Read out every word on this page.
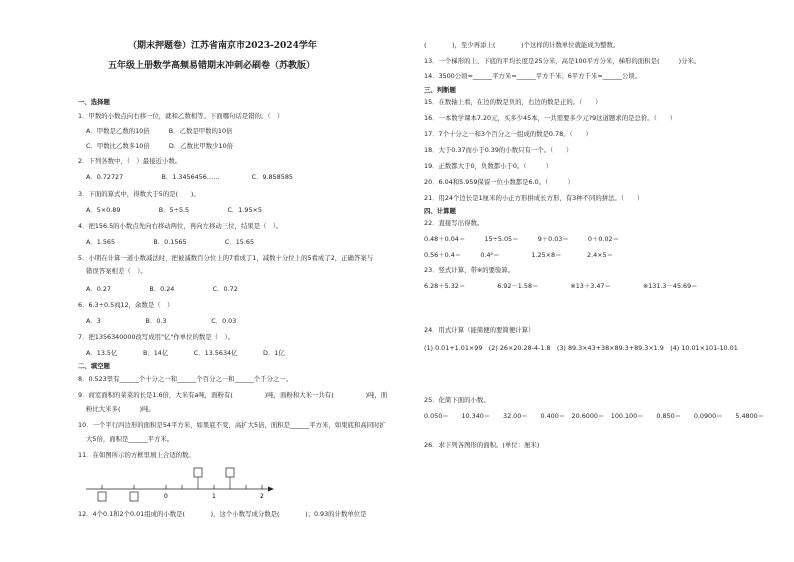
（期末押题卷）江苏省南京市2023-2024学年
五年级上册数学高频易错期末冲刺必刷卷（苏教版）
一、选择题
1．甲数的小数点向右移一位，就和乙数相等。下面哪句话是错的。（　）
A．甲数是乙数的10倍　　　B．乙数是甲数的10倍
C．甲数比乙数多10倍　　　D．乙数比甲数少10倍
2．下列各数中，（　）最接近小数。
A．0.72727　　　　　　B．1.3456456……　　　　　C．9.858585
3．下面的算式中，得数大于5的是(　　)。
A．5×0.89　　　　　　B．5÷5.5　　　　　　C．1.95×5
4．把156.5的小数点先向右移动两位，再向左移动三位，结果是（　）。
A．1.565　　　　　　B．0.1565　　　　　　C．15.65
5．小明在计算一道小数减法时，把被减数百分位上的7看成了1，减数十分位上的5看成了2，正确答案与
错误答案相差（　）。
A．0.27　　　　　　B．0.24　　　　　　C．0.72
6．6.3÷0.5商12，余数是（　）
A．3　　　　　　　B．0.3　　　　　　　C．0.03
7．把1356340000改写成用"亿"作单位的数是（　）。
A．13.5亿　　　　B．14亿　　　　C．13.5634亿　　　　D．1亿
二、填空题
8．0.523里有______个十分之一和______个百分之一和______个千分之一。
9．商室面积的菜菜的长是1.6倍，大米有a吨，面粉有(　　　　　)吨，面粉和大米一共有(　　　　　)吨，面
粉比大米多(　　　)吨。
10．一个平行四边形的面积是54平方米，如果底不变，高扩大5倍，面积是______平方米，如果底和高同时扩
大5倍，面积是______平方米。
11．在如图所示的方框里填上合适的数。
0	1	2
12．4个0.1和2个0.01组成的小数是(　　　　)，这个小数写成分数是(　　　　)；0.93的计数单位是
(　　　　)，至少再添上(　　　　)个这样的计数单位就能成为整数。
13．一个梯形的上、下底的平均长度是25分米，高是100平方分米，梯形的面积是(　　　)分米。
14．3500公顷=______平方米=______平方千米；6平方千米=______公顷。
三、判断题
15．在数轴上看，在边的数是负的，右边的数是正的。（　　）
16．一本数学课本7.20元，买多少45本，一共需要多少元?9这道题求的是总价。（　　）
17．7个十分之一和3个百分之一组成的数是0.78。（　　）
18．大于0.37而小于0.39的小数只有一个。（　　）
19．正数都大于0，负数都小于0。（　　　）
20．6.04和5.959保留一位小数都是6.0。（　　　）
21．用24个边长是1厘米的小正方形拼成长方形，有3种不同的拼法。（　　）
四、计算题
22．直接写出得数。
0.48＋0.04＝　　　15÷5.05＝　　　9＋0.03＝　　　0＋0.02＝
0.56＋0.4＝　　　0.4²＝　　　　　1.25×8＝　　　　2.4×5＝
23．竖式计算，带※的要验算。
6.28＋5.32＝　　　　　6.92－1.58＝　　　　　※13＋3.47＝　　　　　※131.3－45.69＝
24．用式计算（能简便的要简便计算）
(1) 0.01+1.01×99　(2) 26×20.28-4-1.8　(3) 89.3×43+38×89.3+89.3×1.9　(4) 10.01×101-10.01
25．化简下面的小数。
0.050＝　　10.340＝　　32.00＝　　0.400＝　20.6000＝　100.100＝　　0.850＝　　0.0900＝　　5.4800＝
26．求下列各图形的面积。(单位：厘米)
